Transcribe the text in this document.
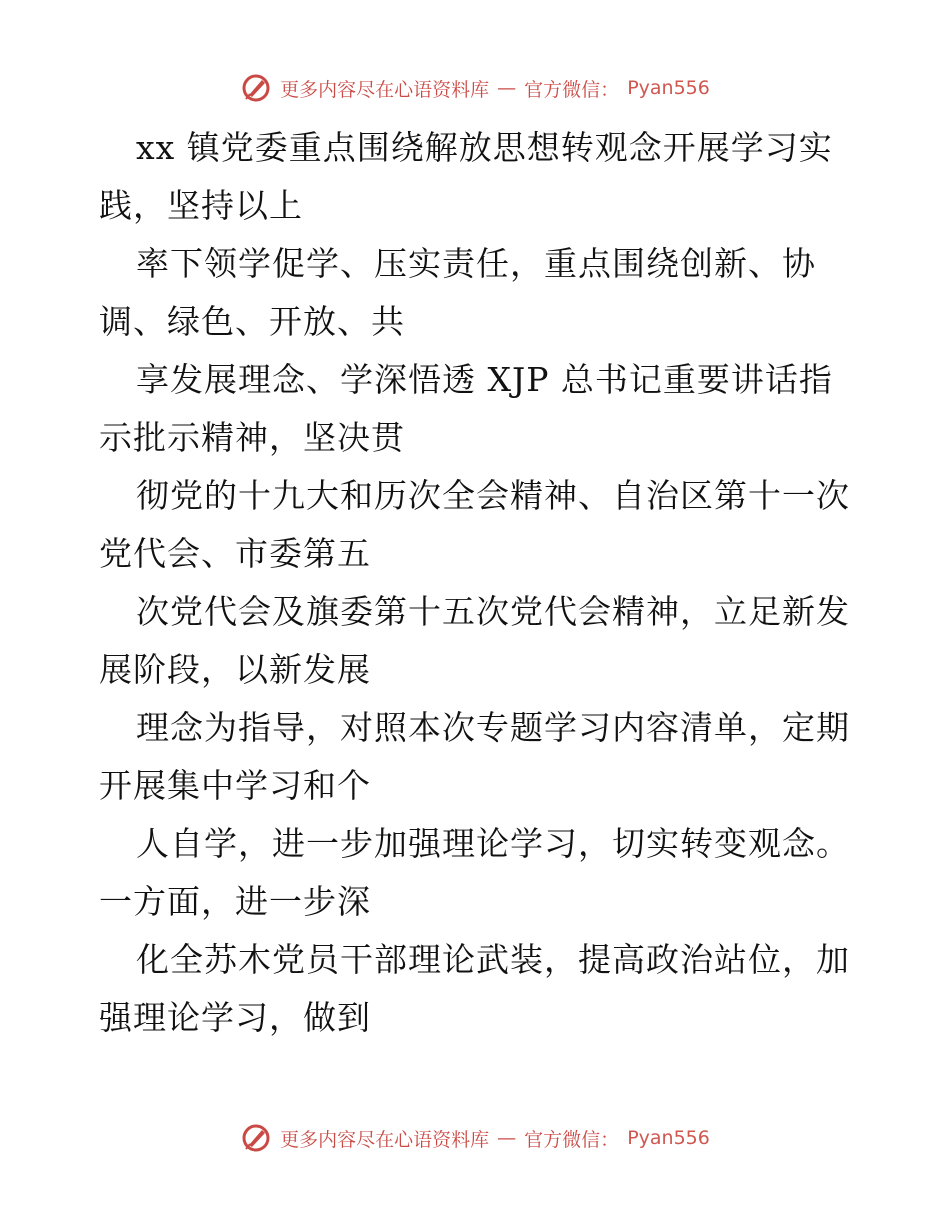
更多内容尽在心语资料库 — 官方微信： Pyan556
xx 镇党委重点围绕解放思想转观念开展学习实
践，坚持以上
率下领学促学、压实责任，重点围绕创新、协
调、绿色、开放、共
享发展理念、学深悟透 XJP 总书记重要讲话指
示批示精神，坚决贯
彻党的十九大和历次全会精神、自治区第十一次
党代会、市委第五
次党代会及旗委第十五次党代会精神，立足新发
展阶段，以新发展
理念为指导，对照本次专题学习内容清单，定期
开展集中学习和个
人自学，进一步加强理论学习，切实转变观念。
一方面，进一步深
化全苏木党员干部理论武装，提高政治站位，加
强理论学习，做到
更多内容尽在心语资料库 — 官方微信： Pyan556
